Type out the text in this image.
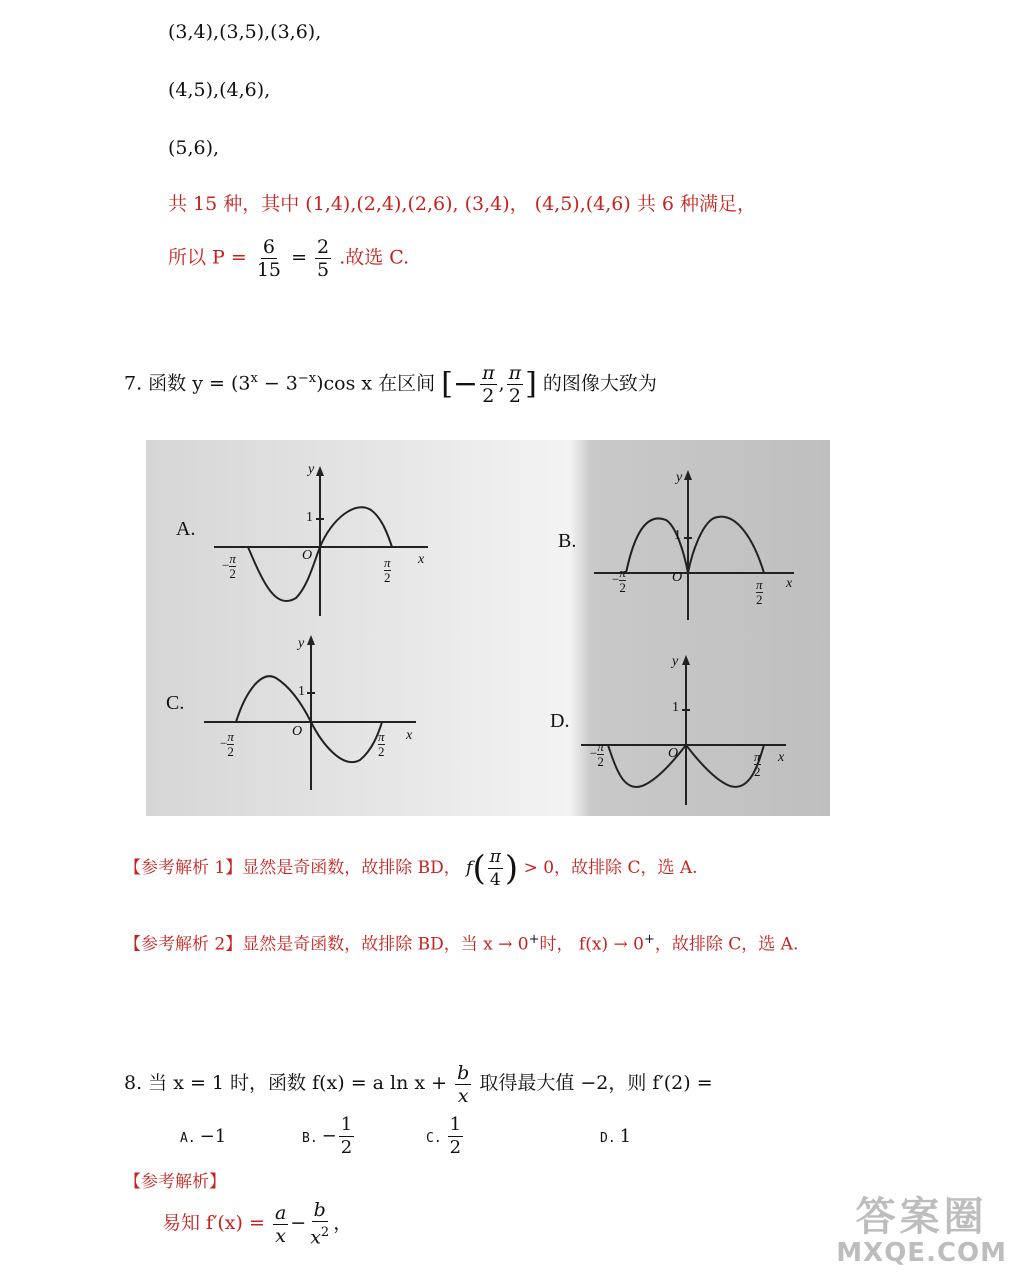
(3,4),(3,5),(3,6),
(4,5),(4,6),
(5,6),
共 15 种，其中 (1,4),(2,4),(2,6), (3,4)， (4,5),(4,6) 共 6 种满足，
所以 $P = \frac{6}{15} = \frac{2}{5}$ .故选 C.
7. 函数 $y = (3^x - 3^{-x})\cos$ x 在区间 [− $\frac{\pi}{2}$ , $\frac{\pi}{2}$ ] 的图像大致为
A.
B.
C.
D.
y
x
O
1
y
x
O
1
y
x
O
1
y
x
O
1
− $\frac{\pi}{2}$	π
2	− $\frac{\pi}{2}$	π
2
− $\frac{\pi}{2}$	π
2	− $\frac{\pi}{2}$	π
2
【参考解析 1】显然是奇函数，故排除 BD， $f( \frac{\pi}{4}$ ) > 0，故排除 C，选 A.
【参考解析 2】显然是奇函数，故排除 BD，当 x → 0+时， f(x) → 0+，故排除 C，选 A.
8. 当 x = 1 时，函数 f(x) = a $\ln x + \frac{b}{x}$ 取得最大值 −2，则 f′(2) =
A. −1	B. − $\frac{1}{2}$	C. $\frac{1}{2}$	D. 1
【参考解析】
易知 $f'(x) = \frac{a}{x} - \frac{b}{x^2}$ ，	答案圈
MXQE.COM
